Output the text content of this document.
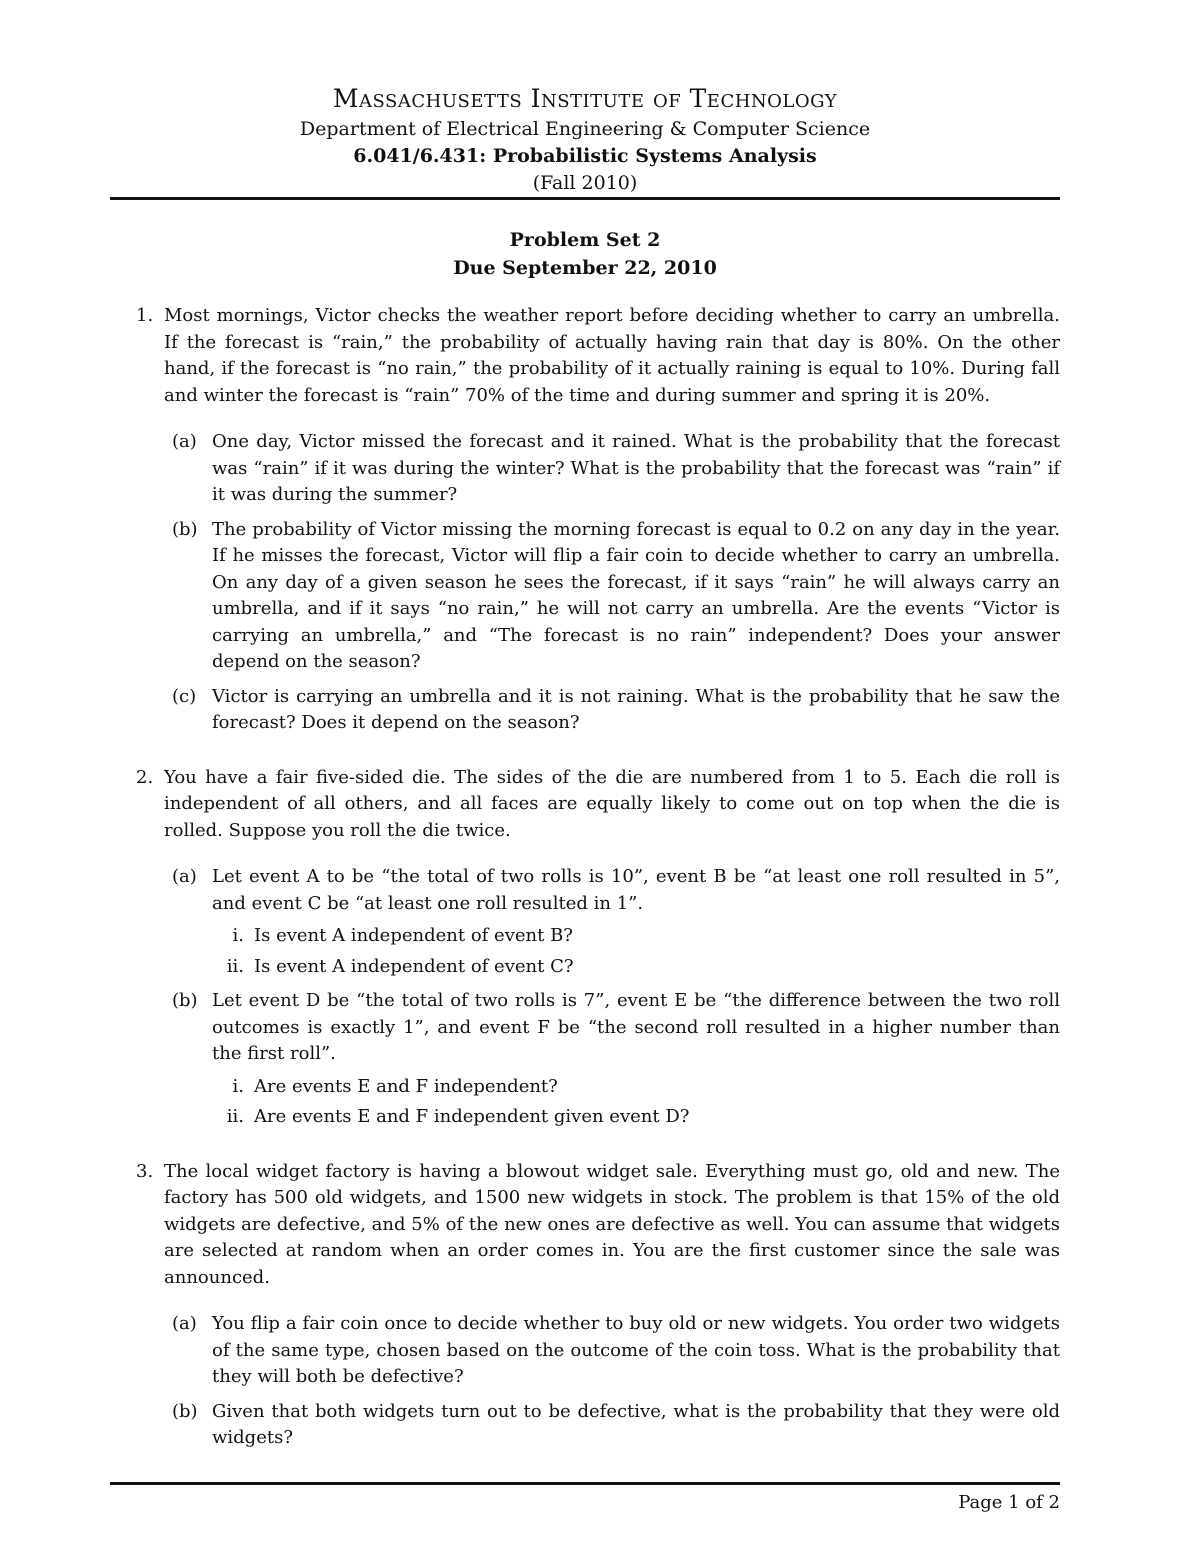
Massachusetts Institute of Technology
Department of Electrical Engineering & Computer Science
6.041/6.431: Probabilistic Systems Analysis
(Fall 2010)
Problem Set 2
Due September 22, 2010
1. Most mornings, Victor checks the weather report before deciding whether to carry an umbrella. If the forecast is “rain,” the probability of actually having rain that day is 80%. On the other hand, if the forecast is “no rain,” the probability of it actually raining is equal to 10%. During fall and winter the forecast is “rain” 70% of the time and during summer and spring it is 20%.

(a) One day, Victor missed the forecast and it rained. What is the probability that the forecast was “rain” if it was during the winter? What is the probability that the forecast was “rain” if it was during the summer?
(b) The probability of Victor missing the morning forecast is equal to 0.2 on any day in the year. If he misses the forecast, Victor will flip a fair coin to decide whether to carry an umbrella. On any day of a given season he sees the forecast, if it says “rain” he will always carry an umbrella, and if it says “no rain,” he will not carry an umbrella. Are the events “Victor is carrying an umbrella,” and “The forecast is no rain” independent? Does your answer depend on the season?
(c) Victor is carrying an umbrella and it is not raining. What is the probability that he saw the forecast? Does it depend on the season?
2. You have a fair five-sided die. The sides of the die are numbered from 1 to 5. Each die roll is independent of all others, and all faces are equally likely to come out on top when the die is rolled. Suppose you roll the die twice.

(a) Let event A to be “the total of two rolls is 10”, event B be “at least one roll resulted in 5”, and event C be “at least one roll resulted in 1”.
i. Is event A independent of event B?
ii. Is event A independent of event C?
(b) Let event D be “the total of two rolls is 7”, event E be “the difference between the two roll outcomes is exactly 1”, and event F be “the second roll resulted in a higher number than the first roll”.
i. Are events E and F independent?
ii. Are events E and F independent given event D?
3. The local widget factory is having a blowout widget sale. Everything must go, old and new. The factory has 500 old widgets, and 1500 new widgets in stock. The problem is that 15% of the old widgets are defective, and 5% of the new ones are defective as well. You can assume that widgets are selected at random when an order comes in. You are the first customer since the sale was announced.

(a) You flip a fair coin once to decide whether to buy old or new widgets. You order two widgets of the same type, chosen based on the outcome of the coin toss. What is the probability that they will both be defective?
(b) Given that both widgets turn out to be defective, what is the probability that they were old widgets?
Page 1 of 2
